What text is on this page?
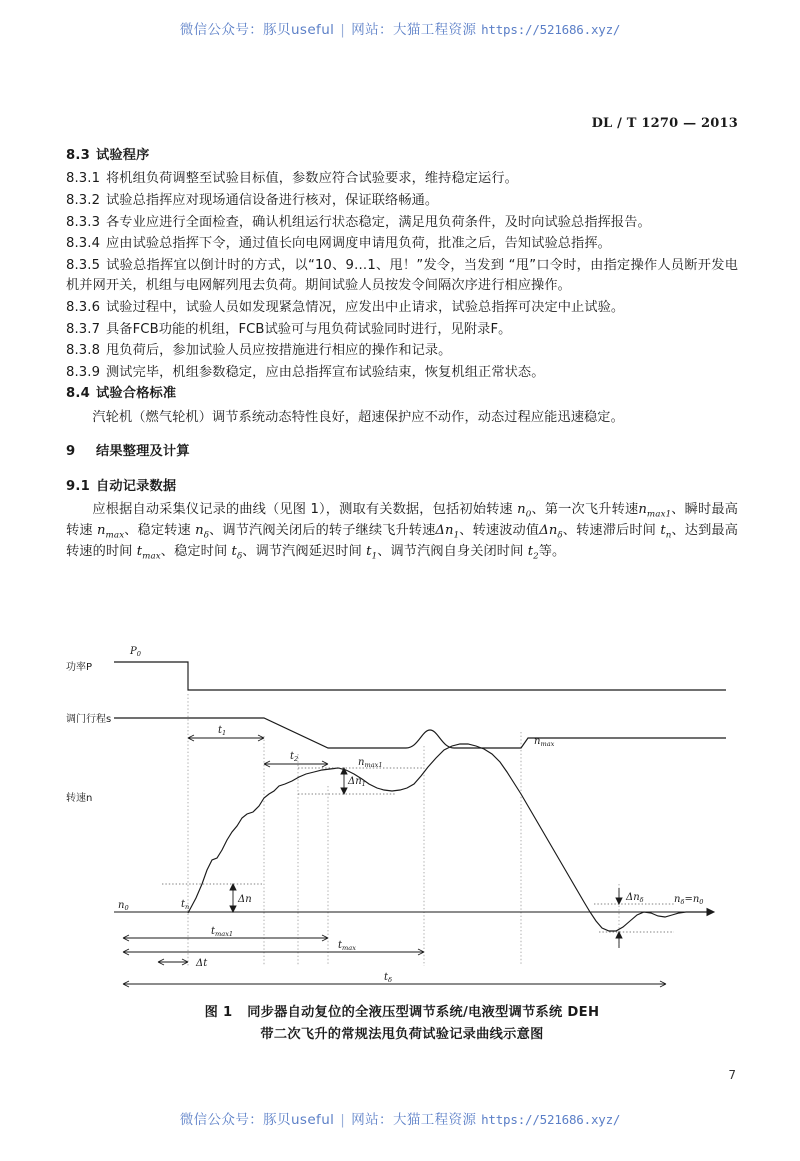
微信公众号：豚贝useful | 网站：大猫工程资源 https://521686.xyz/
DL / T 1270 — 2013
8.3 试验程序
8.3.1 将机组负荷调整至试验目标值，参数应符合试验要求，维持稳定运行。
8.3.2 试验总指挥应对现场通信设备进行核对，保证联络畅通。
8.3.3 各专业应进行全面检查，确认机组运行状态稳定，满足甩负荷条件，及时向试验总指挥报告。
8.3.4 应由试验总指挥下令，通过值长向电网调度申请甩负荷，批准之后，告知试验总指挥。
8.3.5 试验总指挥宜以倒计时的方式，以“10、9…1、甩！”发令，当发到 “甩”口令时，由指定操作人员断开发电机并网开关，机组与电网解列甩去负荷。期间试验人员按发令间隔次序进行相应操作。
8.3.6 试验过程中，试验人员如发现紧急情况，应发出中止请求，试验总指挥可决定中止试验。
8.3.7 具备FCB功能的机组，FCB试验可与甩负荷试验同时进行，见附录F。
8.3.8 甩负荷后，参加试验人员应按措施进行相应的操作和记录。
8.3.9 测试完毕，机组参数稳定，应由总指挥宣布试验结束，恢复机组正常状态。
8.4 试验合格标准
汽轮机（燃气轮机）调节系统动态特性良好，超速保护应不动作，动态过程应能迅速稳定。
9 结果整理及计算
9.1 自动记录数据
应根据自动采集仪记录的曲线（见图 1），测取有关数据，包括初始转速 $n_0$、第一次飞升转速$n_{max1}$、瞬时最高转速 $n_{max}$、稳定转速 $n_\delta$、调节汽阀关闭后的转子继续飞升转速$\Delta n_1$、转速波动值$\Delta n_\delta$、转速滞后时间 $t_n$、达到最高转速的时间 $t_{max}$、稳定时间 $t_\delta$、调节汽阀延迟时间 $t_1$、调节汽阀自身关闭时间 $t_2$等。
功率P
$P_0$
调门行程s
$t_1$
$t_2$
转速n
$n_0$	$t_n$
Δn
$n_{max1}$
$\Delta n_1$
$n_{max}$
$\Delta n_\delta$	$n_\delta=n_0$
$t_{max1}$
$t_{max}$
Δt
$t_\delta$
图 1 同步器自动复位的全液压型调节系统/电液型调节系统 DEH
带二次飞升的常规法甩负荷试验记录曲线示意图
7
微信公众号：豚贝useful | 网站：大猫工程资源 https://521686.xyz/
